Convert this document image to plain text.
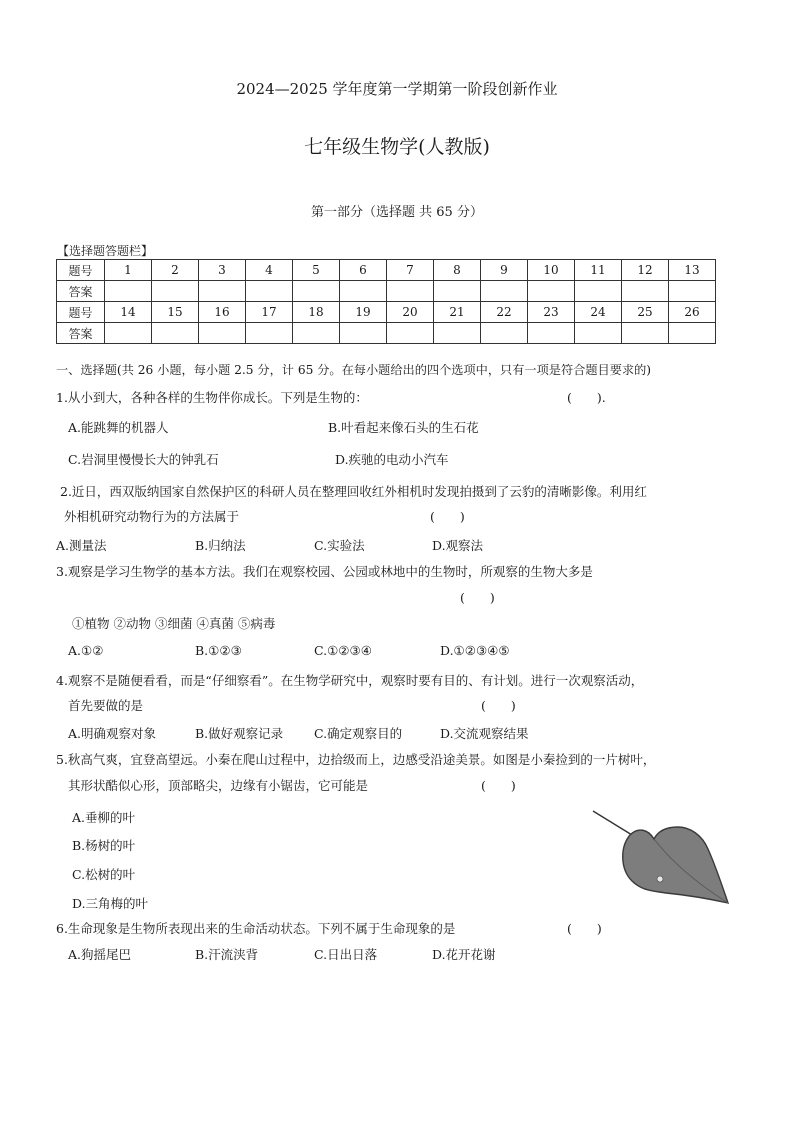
2024—2025 学年度第一学期第一阶段创新作业
七年级生物学(人教版)
第一部分（选择题 共 65 分）
【选择题答题栏】
题号	1	2	3	4	5	6	7	8	9	10	11	12	13
答案													
题号	14	15	16	17	18	19	20	21	22	23	24	25	26
答案													
一、选择题(共 26 小题，每小题 2.5 分，计 65 分。在每小题给出的四个选项中，只有一项是符合题目要求的)
1.从小到大，各种各样的生物伴你成长。下列是生物的：	(　　).
A.能跳舞的机器人	B.叶看起来像石头的生石花
C.岩洞里慢慢长大的钟乳石	D.疾驰的电动小汽车
2.近日，西双版纳国家自然保护区的科研人员在整理回收红外相机时发现拍摄到了云豹的清晰影像。利用红
外相机研究动物行为的方法属于	(　　)
A.测量法	B.归纳法	C.实验法	D.观察法
3.观察是学习生物学的基本方法。我们在观察校园、公园或林地中的生物时，所观察的生物大多是
(　　)
①植物 ②动物 ③细菌 ④真菌 ⑤病毒
A.①②	B.①②③	C.①②③④	D.①②③④⑤
4.观察不是随便看看，而是“仔细察看”。在生物学研究中，观察时要有目的、有计划。进行一次观察活动，
首先要做的是	(　　)
A.明确观察对象	B.做好观察记录 C.确定观察目的	D.交流观察结果
5.秋高气爽，宜登高望远。小秦在爬山过程中，边拾级而上，边感受沿途美景。如图是小秦捡到的一片树叶，
其形状酷似心形，顶部略尖，边缘有小锯齿，它可能是	(　　)
A.垂柳的叶
B.杨树的叶
C.松树的叶
D.三角梅的叶
6.生命现象是生物所表现出来的生命活动状态。下列不属于生命现象的是	(　　)
A.狗摇尾巴	B.汗流浃背	C.日出日落	D.花开花谢
